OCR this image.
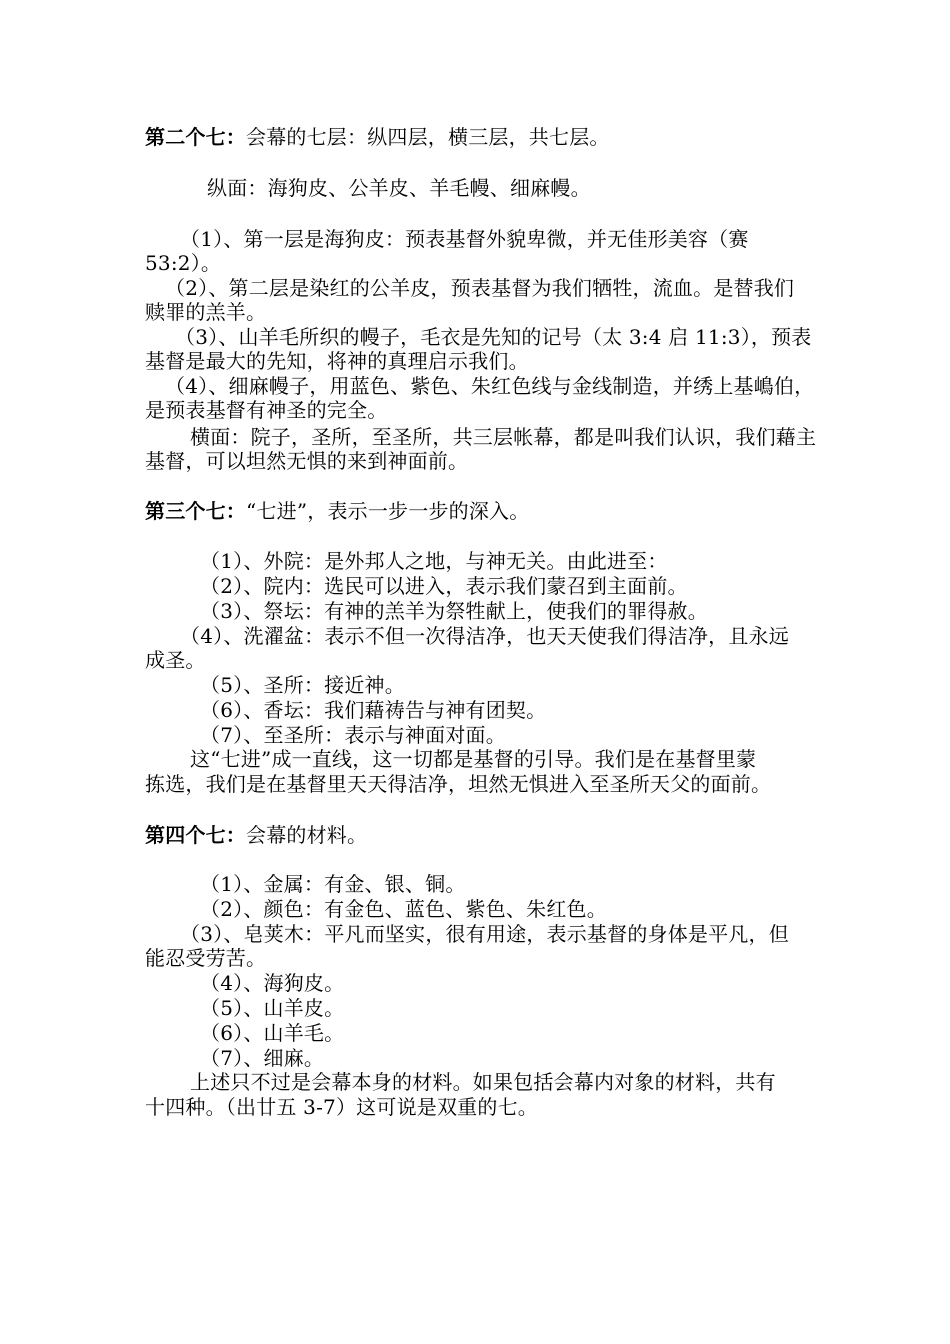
第二个七：会幕的七层：纵四层，横三层，共七层。
纵面：海狗皮、公羊皮、羊毛幔、细麻幔。
（1）、第一层是海狗皮：预表基督外貌卑微，并无佳形美容（赛
53:2）。
（2）、第二层是染红的公羊皮，预表基督为我们牺牲，流血。是替我们
赎罪的羔羊。
（3）、山羊毛所织的幔子，毛衣是先知的记号（太 3:4 启 11:3），预表
基督是最大的先知，将神的真理启示我们。
（4）、细麻幔子，用蓝色、紫色、朱红色线与金线制造，并绣上基嶋伯，
是预表基督有神圣的完全。
横面：院子，圣所，至圣所，共三层帐幕，都是叫我们认识，我们藉主
基督，可以坦然无惧的来到神面前。
第三个七：“七进”，表示一步一步的深入。
（1）、外院：是外邦人之地，与神无关。由此进至：
（2）、院内：选民可以进入，表示我们蒙召到主面前。
（3）、祭坛：有神的羔羊为祭牲献上，使我们的罪得赦。
（4）、洗濯盆：表示不但一次得洁净，也天天使我们得洁净，且永远
成圣。
（5）、圣所：接近神。
（6）、香坛：我们藉祷告与神有团契。
（7）、至圣所：表示与神面对面。
这“七进”成一直线，这一切都是基督的引导。我们是在基督里蒙
拣选，我们是在基督里天天得洁净，坦然无惧进入至圣所天父的面前。
第四个七：会幕的材料。
（1）、金属：有金、银、铜。
（2）、颜色：有金色、蓝色、紫色、朱红色。
（3）、皂荚木：平凡而坚实，很有用途，表示基督的身体是平凡，但
能忍受劳苦。
（4）、海狗皮。
（5）、山羊皮。
（6）、山羊毛。
（7）、细麻。
上述只不过是会幕本身的材料。如果包括会幕内对象的材料，共有
十四种。（出廿五 3-7）这可说是双重的七。
